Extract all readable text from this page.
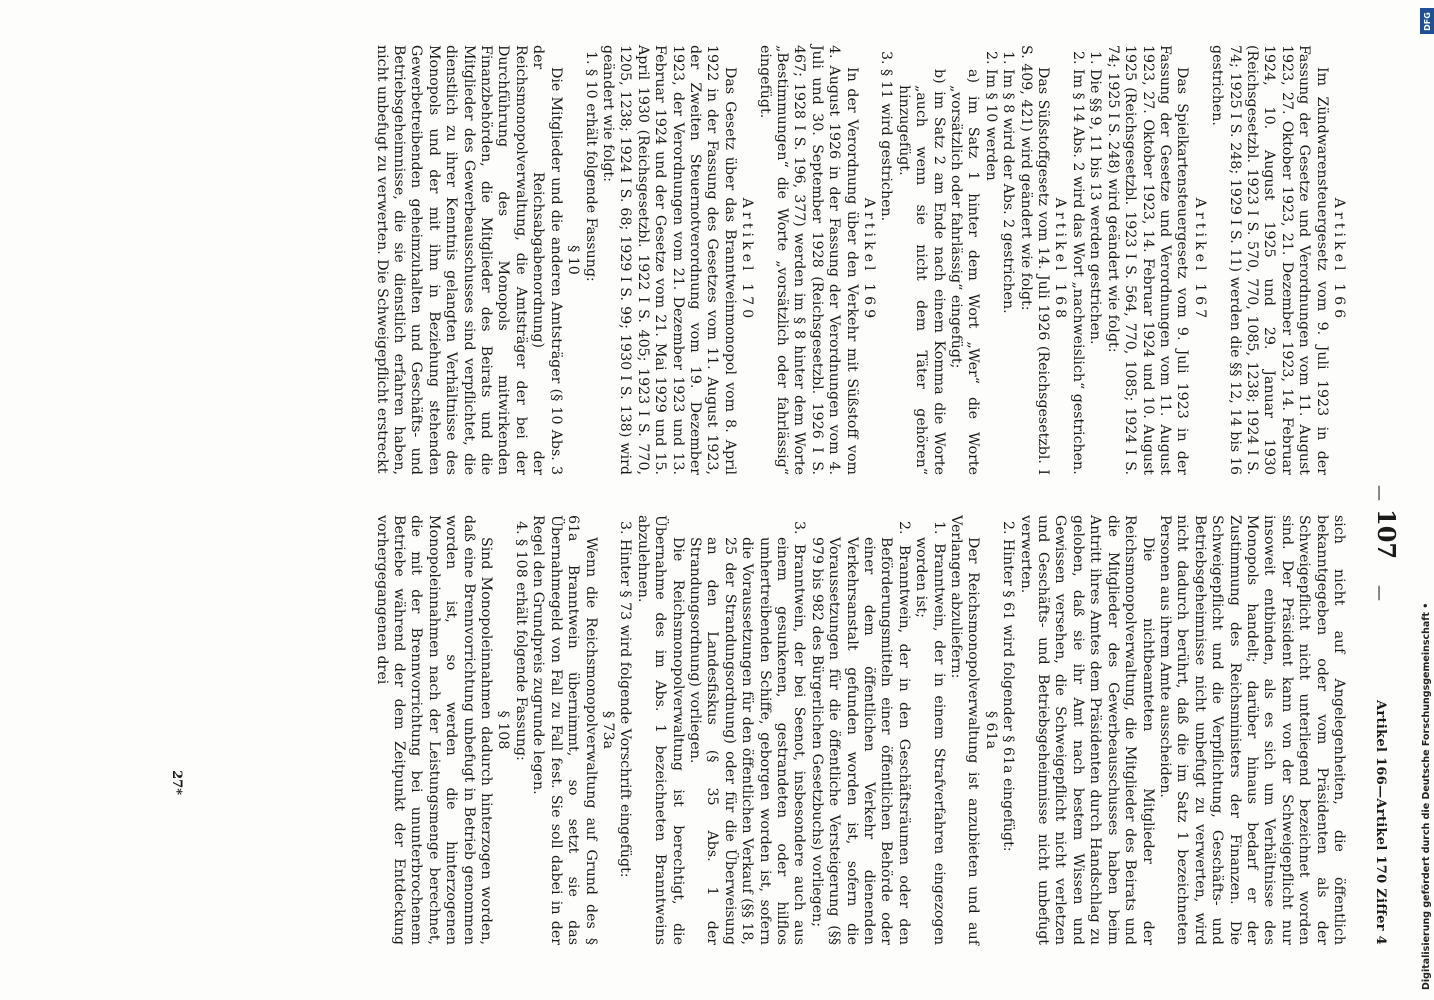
—
107
—
Artikel 166—Artikel 170 Ziffer 4

Artikel 166

Im Zündwarensteuergesetz vom 9. Juli 1923 in der Fassung der Gesetze und Verordnungen vom 11. August 1923, 27. Oktober 1923, 21. Dezember 1923, 14. Februar 1924, 10. August 1925 und 29. Januar 1930 (Reichsgesetzbl. 1923 I S. 570, 770, 1085, 1238; 1924 I S. 74; 1925 I S. 248; 1929 I S. 11) werden die §§ 12, 14 bis 16 gestrichen.

Artikel 167

Das Spielkartensteuergesetz vom 9. Juli 1923 in der Fassung der Gesetze und Verordnungen vom 11. August 1923, 27. Oktober 1923, 14. Februar 1924 und 10. August 1925 (Reichsgesetzbl. 1923 I S. 564, 770, 1085; 1924 I S. 74; 1925 I S. 248) wird geändert wie folgt:

1. Die §§ 9, 11 bis 13 werden gestrichen.

2. Im § 14 Abs. 2 wird das Wort „nachweislich“ gestrichen.

Artikel 168

Das Süßstoffgesetz vom 14. Juli 1926 (Reichsgesetzbl. I S. 409, 421) wird geändert wie folgt:

1. Im § 8 wird der Abs. 2 gestrichen.

2. Im § 10 werden

a) im Satz 1 hinter dem Wort „Wer“ die Worte „vorsätzlich oder fahrlässig“ eingefügt;

b) im Satz 2 am Ende nach einem Komma die Worte „auch wenn sie nicht dem Täter gehören“ hinzugefügt.

3. § 11 wird gestrichen.

Artikel 169

In der Verordnung über den Verkehr mit Süßstoff vom 4. August 1926 in der Fassung der Verordnungen vom 4. Juli und 30. September 1928 (Reichsgesetzbl. 1926 I S. 467; 1928 I S. 196, 377) werden im § 8 hinter dem Worte „Bestimmungen“ die Worte „vorsätzlich oder fahrlässig“ eingefügt.

Artikel 170

Das Gesetz über das Branntweinmonopol vom 8. April 1922 in der Fassung des Gesetzes vom 11. August 1923, der Zweiten Steuernotverordnung vom 19. Dezember 1923, der Verordnungen vom 21. Dezember 1923 und 13. Februar 1924 und der Gesetze vom 21. Mai 1929 und 15. April 1930 (Reichsgesetzbl. 1922 I S. 405; 1923 I S. 770, 1205, 1238; 1924 I S. 68; 1929 I S. 99; 1930 I S. 138) wird geändert wie folgt:

1. § 10 erhält folgende Fassung:

§ 10

Die Mitglieder und die anderen Amtsträger (§ 10 Abs. 3 der Reichsabgabenordnung) der Reichsmonopolverwaltung, die Amtsträger der bei der Durchführung des Monopols mitwirkenden Finanzbehörden, die Mitglieder des Beirats und die Mitglieder des Gewerbeausschusses sind verpflichtet, die dienstlich zu ihrer Kenntnis gelangten Verhältnisse des Monopols und der mit ihm in Beziehung stehenden Gewerbetreibenden geheimzuhalten und Geschäfts- und Betriebsgeheimnisse, die sie dienstlich erfahren haben, nicht unbefugt zu verwerten. Die Schweigepflicht erstreckt

sich nicht auf Angelegenheiten, die öffentlich bekanntgegeben oder vom Präsidenten als der Schweigepflicht nicht unterliegend bezeichnet worden sind. Der Präsident kann von der Schweigepflicht nur insoweit entbinden, als es sich um Verhältnisse des Monopols handelt; darüber hinaus bedarf er der Zustimmung des Reichsministers der Finanzen. Die Schweigepflicht und die Verpflichtung, Geschäfts- und Betriebsgeheimnisse nicht unbefugt zu verwerten, wird nicht dadurch berührt, daß die im Satz 1 bezeichneten Personen aus ihrem Amte ausscheiden.

Die nichtbeamteten Mitglieder der Reichsmonopolverwaltung, die Mitglieder des Beirats und die Mitglieder des Gewerbeausschusses haben beim Antritt ihres Amtes dem Präsidenten durch Handschlag zu geloben, daß sie ihr Amt nach bestem Wissen und Gewissen versehen, die Schweigepflicht nicht verletzen und Geschäfts- und Betriebsgeheimnisse nicht unbefugt verwerten.

2. Hinter § 61 wird folgender § 61a eingefügt:

§ 61a

Der Reichsmonopolverwaltung ist anzubieten und auf Verlangen abzuliefern:

1. Branntwein, der in einem Strafverfahren eingezogen worden ist;

2. Branntwein, der in den Geschäftsräumen oder den Beförderungsmitteln einer öffentlichen Behörde oder einer dem öffentlichen Verkehr dienenden Verkehrsanstalt gefunden worden ist, sofern die Voraussetzungen für die öffentliche Versteigerung (§§ 979 bis 982 des Bürgerlichen Gesetzbuchs) vorliegen;

3. Branntwein, der bei Seenot, insbesondere auch aus einem gesunkenen, gestrandeten oder hilflos umhertreibenden Schiffe, geborgen worden ist, sofern die Voraussetzungen für den öffentlichen Verkauf (§§ 18, 25 der Strandungsordnung) oder für die Überweisung an den Landesfiskus (§ 35 Abs. 1 der Strandungsordnung) vorliegen.

Die Reichsmonopolverwaltung ist berechtigt, die Übernahme des im Abs. 1 bezeichneten Branntweins abzulehnen.

3. Hinter § 73 wird folgende Vorschrift eingefügt:

§ 73a

Wenn die Reichsmonopolverwaltung auf Grund des § 61a Branntwein übernimmt, so setzt sie das Übernahmegeld von Fall zu Fall fest. Sie soll dabei in der Regel den Grundpreis zugrunde legen.

4. § 108 erhält folgende Fassung:

§ 108

Sind Monopoleinnahmen dadurch hinterzogen worden, daß eine Brennvorrichtung unbefugt in Betrieb genommen worden ist, so werden die hinterzogenen Monopoleinnahmen nach der Leistungsmenge berechnet, die mit der Brennvorrichtung bei ununterbrochenem Betriebe während der dem Zeitpunkt der Entdeckung vorhergegangenen drei

27*
DFG
Digitalisierung gefördert durch die Deutsche Forschungsgemeinschaft •
